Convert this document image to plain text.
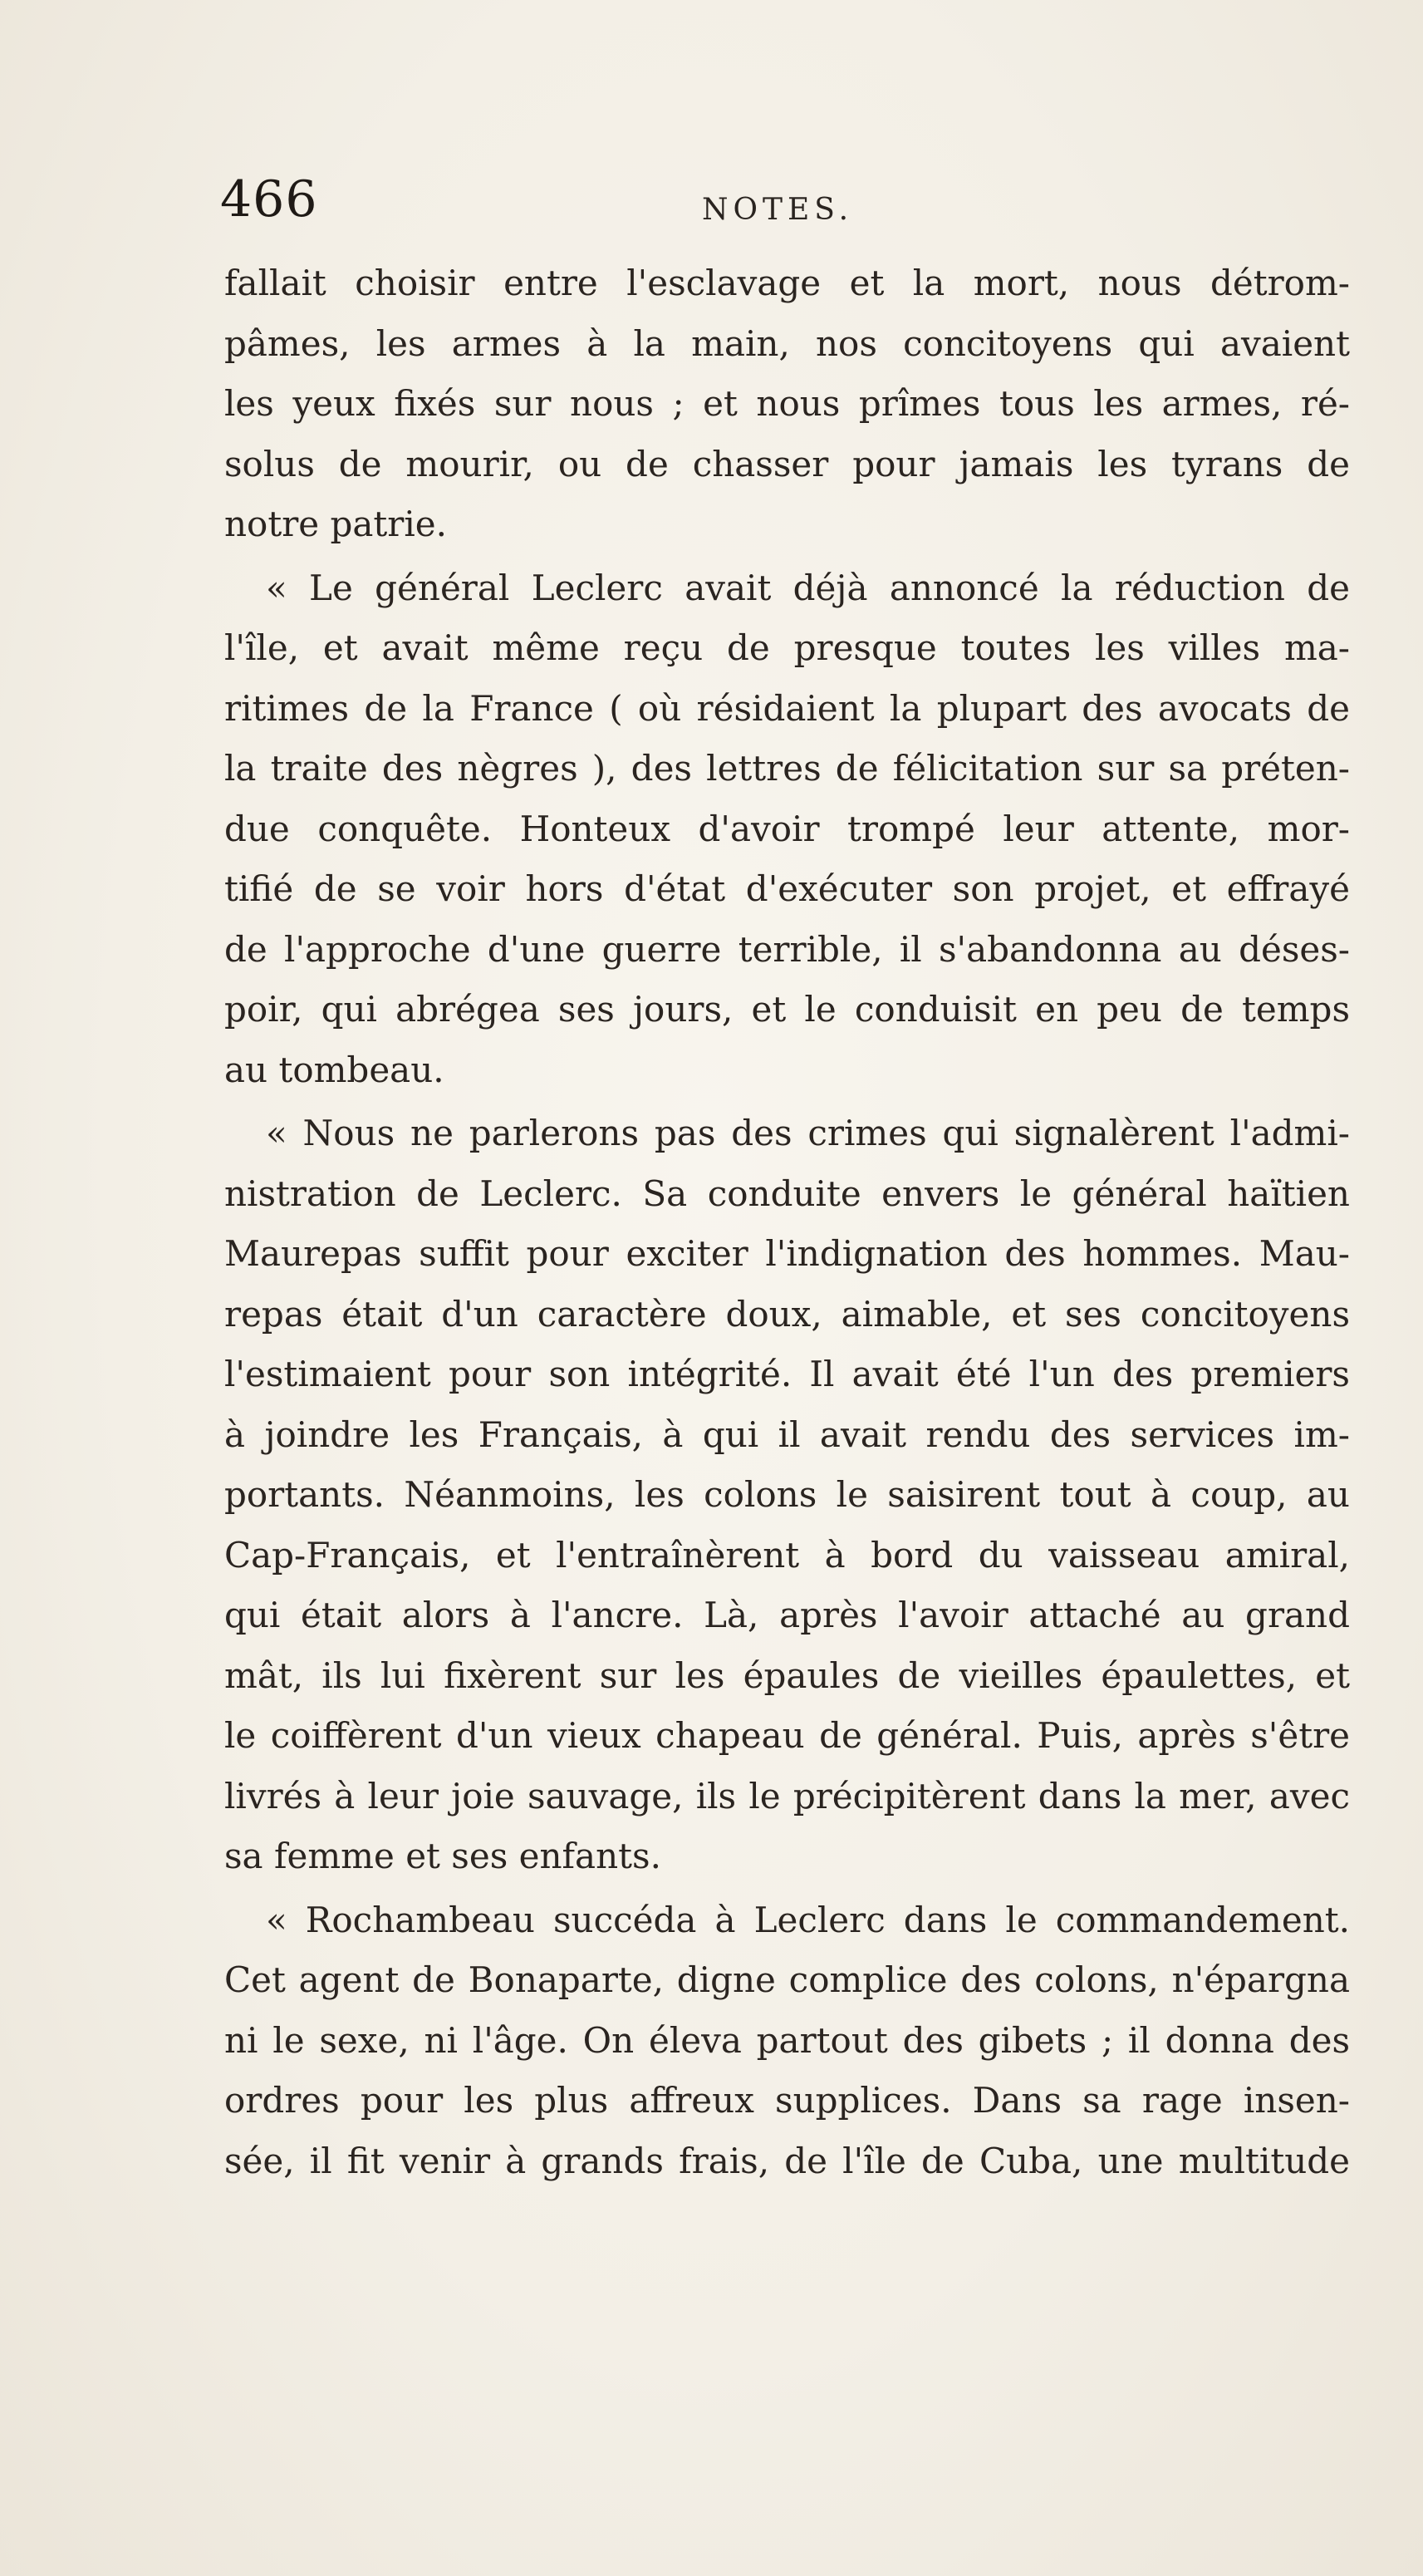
466	NOTES.
fallait choisir entre l'esclavage et la mort, nous détrom-
pâmes, les armes à la main, nos concitoyens qui avaient
les yeux fixés sur nous ; et nous prîmes tous les armes, ré-
solus de mourir, ou de chasser pour jamais les tyrans de
notre patrie.
« Le général Leclerc avait déjà annoncé la réduction de
l'île, et avait même reçu de presque toutes les villes ma-
ritimes de la France ( où résidaient la plupart des avocats de
la traite des nègres ), des lettres de félicitation sur sa préten-
due conquête. Honteux d'avoir trompé leur attente, mor-
tifié de se voir hors d'état d'exécuter son projet, et effrayé
de l'approche d'une guerre terrible, il s'abandonna au déses-
poir, qui abrégea ses jours, et le conduisit en peu de temps
au tombeau.
« Nous ne parlerons pas des crimes qui signalèrent l'admi-
nistration de Leclerc. Sa conduite envers le général haïtien
Maurepas suffit pour exciter l'indignation des hommes. Mau-
repas était d'un caractère doux, aimable, et ses concitoyens
l'estimaient pour son intégrité. Il avait été l'un des premiers
à joindre les Français, à qui il avait rendu des services im-
portants. Néanmoins, les colons le saisirent tout à coup, au
Cap-Français, et l'entraînèrent à bord du vaisseau amiral,
qui était alors à l'ancre. Là, après l'avoir attaché au grand
mât, ils lui fixèrent sur les épaules de vieilles épaulettes, et
le coiffèrent d'un vieux chapeau de général. Puis, après s'être
livrés à leur joie sauvage, ils le précipitèrent dans la mer, avec
sa femme et ses enfants.
« Rochambeau succéda à Leclerc dans le commandement.
Cet agent de Bonaparte, digne complice des colons, n'épargna
ni le sexe, ni l'âge. On éleva partout des gibets ; il donna des
ordres pour les plus affreux supplices. Dans sa rage insen-
sée, il fit venir à grands frais, de l'île de Cuba, une multitude
